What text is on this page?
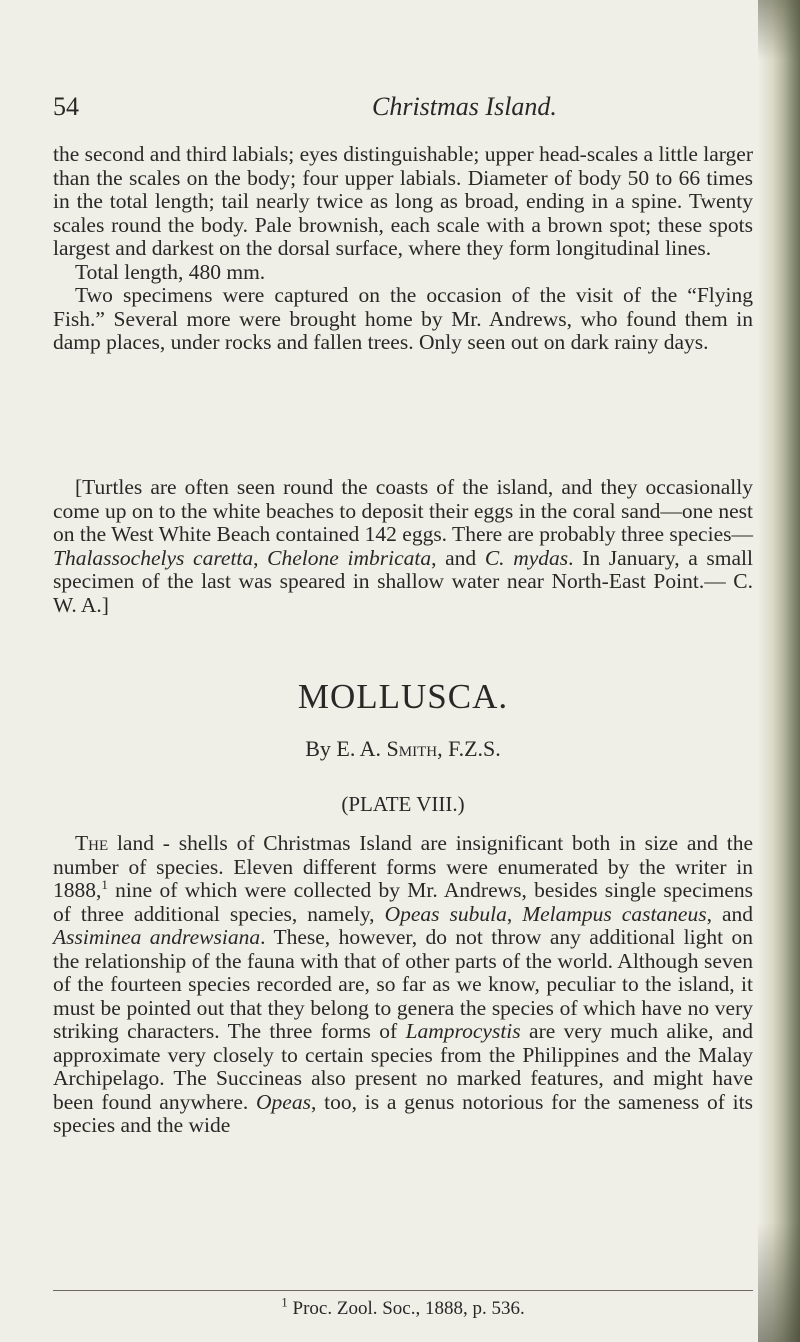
54	Christmas Island.

the second and third labials; eyes distinguishable; upper head-scales a little larger than the scales on the body; four upper labials. Diameter of body 50 to 66 times in the total length; tail nearly twice as long as broad, ending in a spine. Twenty scales round the body. Pale brownish, each scale with a brown spot; these spots largest and darkest on the dorsal surface, where they form longitudinal lines.

Total length, 480 mm.

Two specimens were captured on the occasion of the visit of the “Flying Fish.” Several more were brought home by Mr. Andrews, who found them in damp places, under rocks and fallen trees. Only seen out on dark rainy days.

[Turtles are often seen round the coasts of the island, and they occasionally come up on to the white beaches to deposit their eggs in the coral sand—one nest on the West White Beach contained 142 eggs. There are probably three species—Thalassochelys caretta, Chelone imbricata, and C. mydas. In January, a small specimen of the last was speared in shallow water near North-East Point.— C. W. A.]

MOLLUSCA.
By E. A. Smith, F.Z.S.
(PLATE VIII.)

The land - shells of Christmas Island are insignificant both in size and the number of species. Eleven different forms were enumerated by the writer in 1888,$^1$ nine of which were collected by Mr. Andrews, besides single specimens of three additional species, namely, Opeas subula, Melampus castaneus, and Assiminea andrewsiana. These, however, do not throw any additional light on the relationship of the fauna with that of other parts of the world. Although seven of the fourteen species recorded are, so far as we know, peculiar to the island, it must be pointed out that they belong to genera the species of which have no very striking characters. The three forms of Lamprocystis are very much alike, and approximate very closely to certain species from the Philippines and the Malay Archipelago. The Succineas also present no marked features, and might have been found anywhere. Opeas, too, is a genus notorious for the sameness of its species and the wide

$^1$ Proc. Zool. Soc., 1888, p. 536.
